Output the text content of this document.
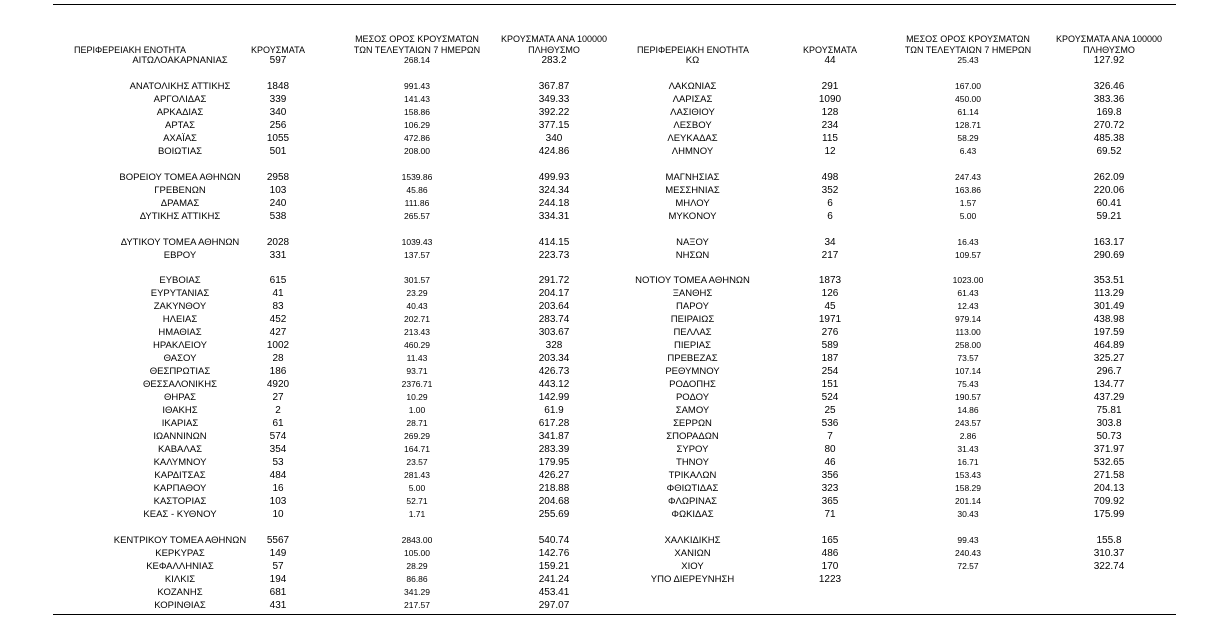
ΠΕΡΙΦΕΡΕΙΑΚΗ ΕΝΟΤΗΤΑ	ΚΡΟΥΣΜΑΤΑ
ΜΕΣΟΣ ΟΡΟΣ ΚΡΟΥΣΜΑΤΩΝ
ΤΩΝ ΤΕΛΕΥΤΑΙΩΝ 7 ΗΜΕΡΩΝ
ΚΡΟΥΣΜΑΤΑ ΑΝΑ 100000
ΠΛΗΘΥΣΜΟ	ΠΕΡΙΦΕΡΕΙΑΚΗ ΕΝΟΤΗΤΑ	ΚΡΟΥΣΜΑΤΑ
ΜΕΣΟΣ ΟΡΟΣ ΚΡΟΥΣΜΑΤΩΝ
ΤΩΝ ΤΕΛΕΥΤΑΙΩΝ 7 ΗΜΕΡΩΝ
ΚΡΟΥΣΜΑΤΑ ΑΝΑ 100000
ΠΛΗΘΥΣΜΟ
ΑΙΤΩΛΟΑΚΑΡΝΑΝΙΑΣ	597	268.14	283.2
ΑΝΑΤΟΛΙΚΗΣ ΑΤΤΙΚΗΣ	1848	991.43	367.87
ΑΡΓΟΛΙΔΑΣ	339	141.43	349.33
ΑΡΚΑΔΙΑΣ	340	158.86	392.22
ΑΡΤΑΣ	256	106.29	377.15
ΑΧΑΪΑΣ	1055	472.86	340
ΒΟΙΩΤΙΑΣ	501	208.00	424.86
ΒΟΡΕΙΟΥ ΤΟΜΕΑ ΑΘΗΝΩΝ	2958	1539.86	499.93
ΓΡΕΒΕΝΩΝ	103	45.86	324.34
ΔΡΑΜΑΣ	240	111.86	244.18
ΔΥΤΙΚΗΣ ΑΤΤΙΚΗΣ	538	265.57	334.31
ΔΥΤΙΚΟΥ ΤΟΜΕΑ ΑΘΗΝΩΝ	2028	1039.43	414.15
ΕΒΡΟΥ	331	137.57	223.73
ΕΥΒΟΙΑΣ	615	301.57	291.72
ΕΥΡΥΤΑΝΙΑΣ	41	23.29	204.17
ΖΑΚΥΝΘΟΥ	83	40.43	203.64
ΗΛΕΙΑΣ	452	202.71	283.74
ΗΜΑΘΙΑΣ	427	213.43	303.67
ΗΡΑΚΛΕΙΟΥ	1002	460.29	328
ΘΑΣΟΥ	28	11.43	203.34
ΘΕΣΠΡΩΤΙΑΣ	186	93.71	426.73
ΘΕΣΣΑΛΟΝΙΚΗΣ	4920	2376.71	443.12
ΘΗΡΑΣ	27	10.29	142.99
ΙΘΑΚΗΣ	2	1.00	61.9
ΙΚΑΡΙΑΣ	61	28.71	617.28
ΙΩΑΝΝΙΝΩΝ	574	269.29	341.87
ΚΑΒΑΛΑΣ	354	164.71	283.39
ΚΑΛΥΜΝΟΥ	53	23.57	179.95
ΚΑΡΔΙΤΣΑΣ	484	281.43	426.27
ΚΑΡΠΑΘΟΥ	16	5.00	218.88
ΚΑΣΤΟΡΙΑΣ	103	52.71	204.68
ΚΕΑΣ - ΚΥΘΝΟΥ	10	1.71	255.69
ΚΕΝΤΡΙΚΟΥ ΤΟΜΕΑ ΑΘΗΝΩΝ	5567	2843.00	540.74
ΚΕΡΚΥΡΑΣ	149	105.00	142.76
ΚΕΦΑΛΛΗΝΙΑΣ	57	28.29	159.21
ΚΙΛΚΙΣ	194	86.86	241.24
ΚΟΖΑΝΗΣ	681	341.29	453.41
ΚΟΡΙΝΘΙΑΣ	431	217.57	297.07
ΚΩ	44	25.43	127.92
ΛΑΚΩΝΙΑΣ	291	167.00	326.46
ΛΑΡΙΣΑΣ	1090	450.00	383.36
ΛΑΣΙΘΙΟΥ	128	61.14	169.8
ΛΕΣΒΟΥ	234	128.71	270.72
ΛΕΥΚΑΔΑΣ	115	58.29	485.38
ΛΗΜΝΟΥ	12	6.43	69.52
ΜΑΓΝΗΣΙΑΣ	498	247.43	262.09
ΜΕΣΣΗΝΙΑΣ	352	163.86	220.06
ΜΗΛΟΥ	6	1.57	60.41
ΜΥΚΟΝΟΥ	6	5.00	59.21
ΝΑΞΟΥ	34	16.43	163.17
ΝΗΣΩΝ	217	109.57	290.69
ΝΟΤΙΟΥ ΤΟΜΕΑ ΑΘΗΝΩΝ	1873	1023.00	353.51
ΞΑΝΘΗΣ	126	61.43	113.29
ΠΑΡΟΥ	45	12.43	301.49
ΠΕΙΡΑΙΩΣ	1971	979.14	438.98
ΠΕΛΛΑΣ	276	113.00	197.59
ΠΙΕΡΙΑΣ	589	258.00	464.89
ΠΡΕΒΕΖΑΣ	187	73.57	325.27
ΡΕΘΥΜΝΟΥ	254	107.14	296.7
ΡΟΔΟΠΗΣ	151	75.43	134.77
ΡΟΔΟΥ	524	190.57	437.29
ΣΑΜΟΥ	25	14.86	75.81
ΣΕΡΡΩΝ	536	243.57	303.8
ΣΠΟΡΑΔΩΝ	7	2.86	50.73
ΣΥΡΟΥ	80	31.43	371.97
ΤΗΝΟΥ	46	16.71	532.65
ΤΡΙΚΑΛΩΝ	356	153.43	271.58
ΦΘΙΩΤΙΔΑΣ	323	158.29	204.13
ΦΛΩΡΙΝΑΣ	365	201.14	709.92
ΦΩΚΙΔΑΣ	71	30.43	175.99
ΧΑΛΚΙΔΙΚΗΣ	165	99.43	155.8
ΧΑΝΙΩΝ	486	240.43	310.37
ΧΙΟΥ	170	72.57	322.74
ΥΠΟ ΔΙΕΡΕΥΝΗΣΗ	1223
